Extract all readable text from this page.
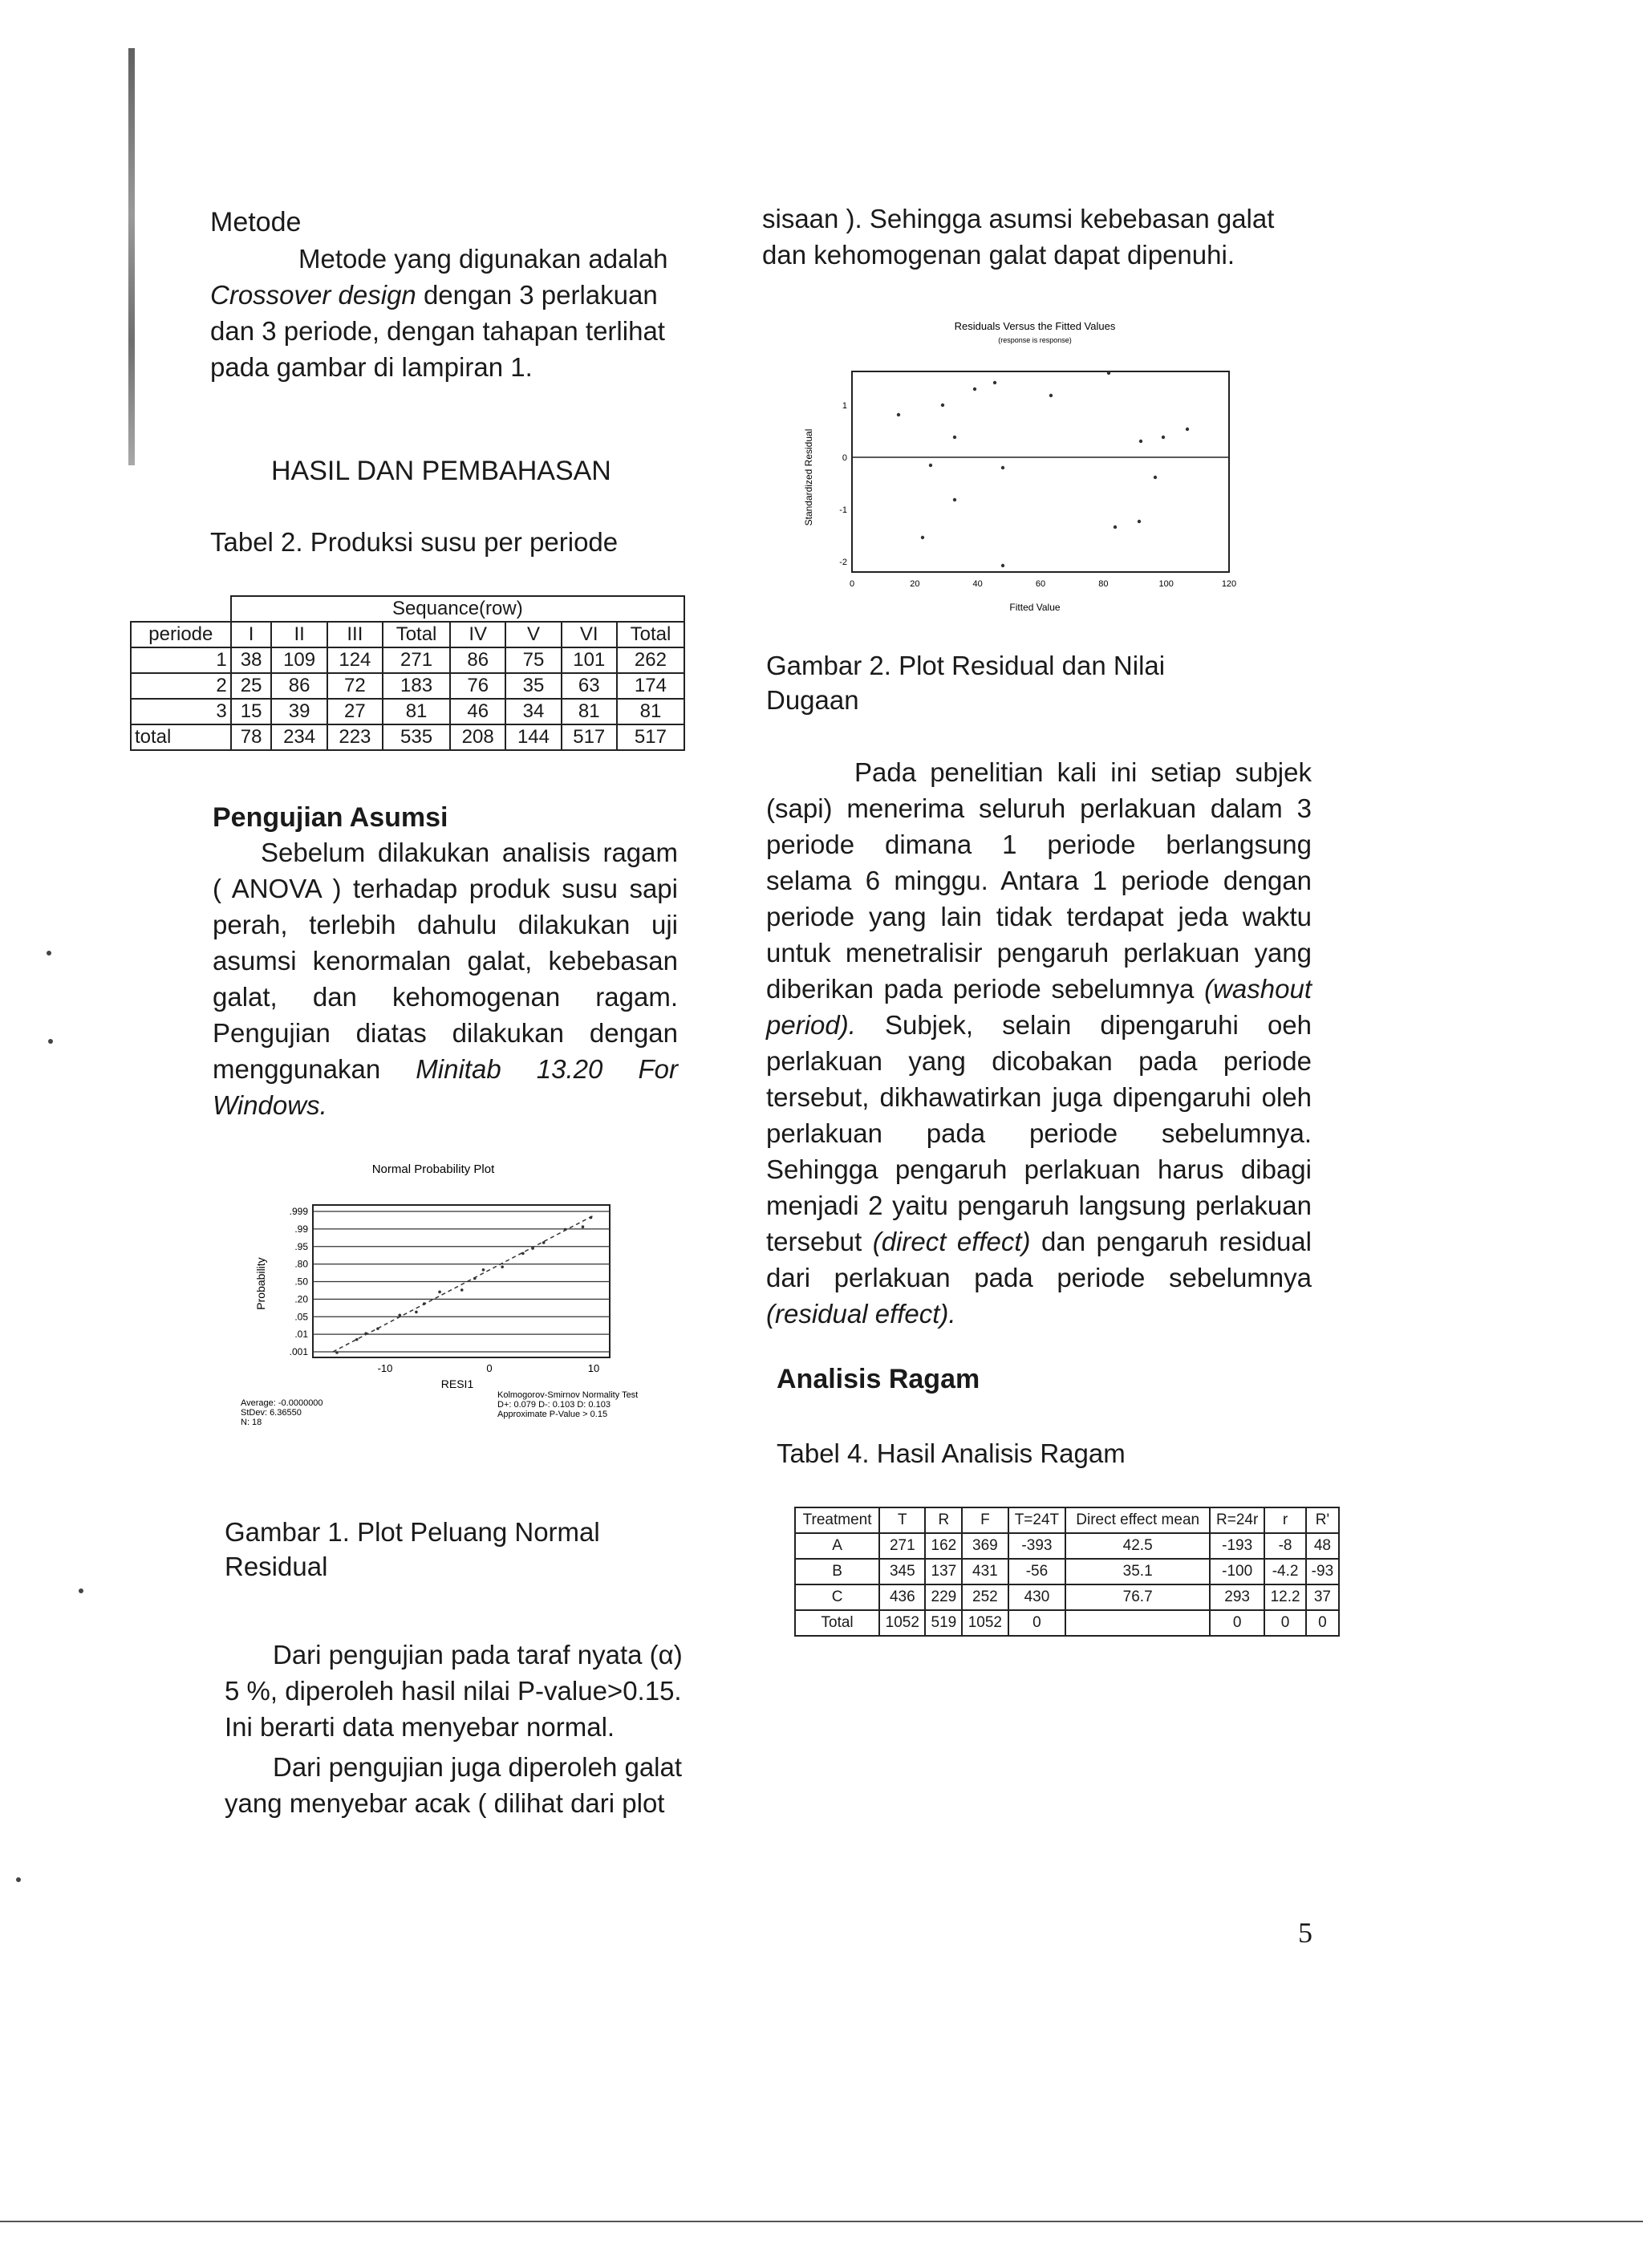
Metode
Metode yang digunakan adalah Crossover design dengan 3 perlakuan dan 3 periode, dengan tahapan terlihat pada gambar di lampiran 1.
HASIL DAN PEMBAHASAN
Tabel 2. Produksi susu per periode
	Sequance(row)							
periode	I	II	III	Total	IV	V	VI	Total
1	38	109	124	271	86	75	101	262
2	25	86	72	183	76	35	63	174
3	15	39	27	81	46	34	81	81
total	78	234	223	535	208	144	517	517
Pengujian Asumsi
Sebelum dilakukan analisis ragam ( ANOVA ) terhadap produk susu sapi perah, terlebih dahulu dilakukan uji asumsi kenormalan galat, kebebasan galat, dan kehomogenan ragam. Pengujian diatas dilakukan dengan menggunakan Minitab 13.20 For Windows.
Normal Probability Plot
.999
.99
.95
.80
.50
.20
.05
.01
.001
Probability
-10	0	10
RESI1
Average: -0.0000000
StDev: 6.36550
N: 18
Kolmogorov-Smirnov Normality Test
D+: 0.079 D-: 0.103 D: 0.103
Approximate P-Value > 0.15
Gambar 1. Plot Peluang Normal
Residual
Dari pengujian pada taraf nyata (α)
5 %, diperoleh hasil nilai P-value>0.15.
Ini berarti data menyebar normal.
Dari pengujian juga diperoleh galat
yang menyebar acak ( dilihat dari plot
sisaan ). Sehingga asumsi kebebasan galat
dan kehomogenan galat dapat dipenuhi.
Residuals Versus the Fitted Values
(response is response)
1
0
-1
-2
0	20	40	60	80	100	120
Standardized Residual
Fitted Value
Gambar 2. Plot Residual dan Nilai
Dugaan
Pada penelitian kali ini setiap subjek (sapi) menerima seluruh perlakuan dalam 3 periode dimana 1 periode berlangsung selama 6 minggu. Antara 1 periode dengan periode yang lain tidak terdapat jeda waktu untuk menetralisir pengaruh perlakuan yang diberikan pada periode sebelumnya (washout period). Subjek, selain dipengaruhi oeh perlakuan yang dicobakan pada periode tersebut, dikhawatirkan juga dipengaruhi oleh perlakuan pada periode sebelumnya. Sehingga pengaruh perlakuan harus dibagi menjadi 2 yaitu pengaruh langsung perlakuan tersebut (direct effect) dan pengaruh residual dari perlakuan pada periode sebelumnya (residual effect).
Analisis Ragam
Tabel 4. Hasil Analisis Ragam
Treatment	T	R	F	T=24T	Direct effect mean	R=24r	r	R'
A	271	162	369	-393	42.5	-193	-8	48
B	345	137	431	-56	35.1	-100	-4.2	-93
C	436	229	252	430	76.7	293	12.2	37
Total	1052	519	1052	0		0	0	0
5
